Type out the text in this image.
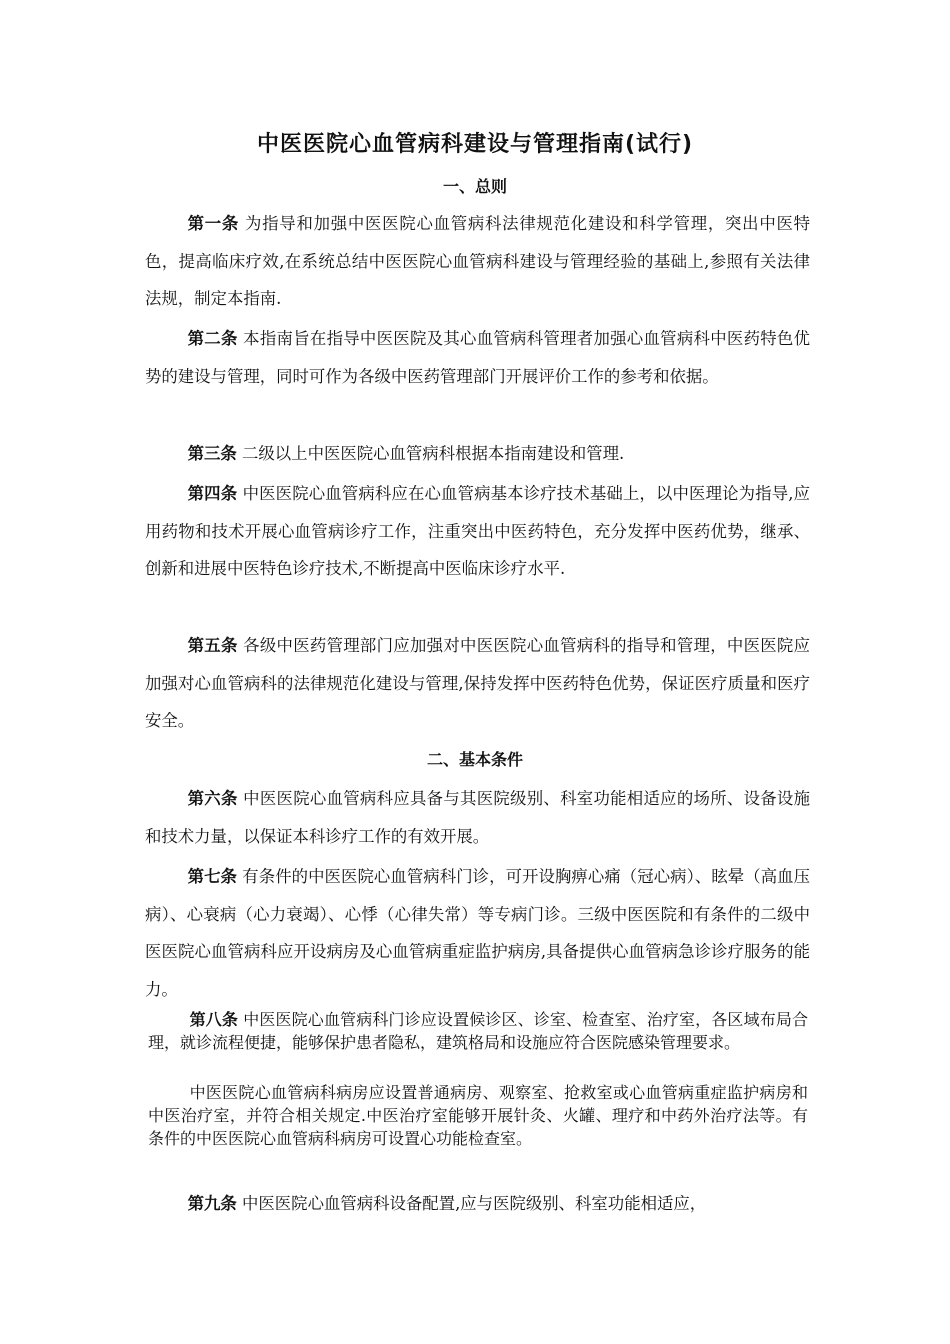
中医医院心血管病科建设与管理指南(试行)
一、总则

第一条 为指导和加强中医医院心血管病科法律规范化建设和科学管理，突出中医特色，提高临床疗效,在系统总结中医医院心血管病科建设与管理经验的基础上,参照有关法律法规，制定本指南.

第二条 本指南旨在指导中医医院及其心血管病科管理者加强心血管病科中医药特色优势的建设与管理，同时可作为各级中医药管理部门开展评价工作的参考和依据。

第三条 二级以上中医医院心血管病科根据本指南建设和管理.

第四条 中医医院心血管病科应在心血管病基本诊疗技术基础上，以中医理论为指导,应用药物和技术开展心血管病诊疗工作，注重突出中医药特色，充分发挥中医药优势，继承、创新和进展中医特色诊疗技术,不断提高中医临床诊疗水平.

第五条 各级中医药管理部门应加强对中医医院心血管病科的指导和管理，中医医院应加强对心血管病科的法律规范化建设与管理,保持发挥中医药特色优势，保证医疗质量和医疗安全。

二、基本条件

第六条 中医医院心血管病科应具备与其医院级别、科室功能相适应的场所、设备设施和技术力量，以保证本科诊疗工作的有效开展。

第七条 有条件的中医医院心血管病科门诊，可开设胸痹心痛（冠心病）、眩晕（高血压病）、心衰病（心力衰竭）、心悸（心律失常）等专病门诊。三级中医医院和有条件的二级中医医院心血管病科应开设病房及心血管病重症监护病房,具备提供心血管病急诊诊疗服务的能力。

第八条 中医医院心血管病科门诊应设置候诊区、诊室、检查室、治疗室，各区域布局合理，就诊流程便捷，能够保护患者隐私，建筑格局和设施应符合医院感染管理要求。

中医医院心血管病科病房应设置普通病房、观察室、抢救室或心血管病重症监护病房和中医治疗室，并符合相关规定.中医治疗室能够开展针灸、火罐、理疗和中药外治疗法等。有条件的中医医院心血管病科病房可设置心功能检查室。

第九条 中医医院心血管病科设备配置,应与医院级别、科室功能相适应，
